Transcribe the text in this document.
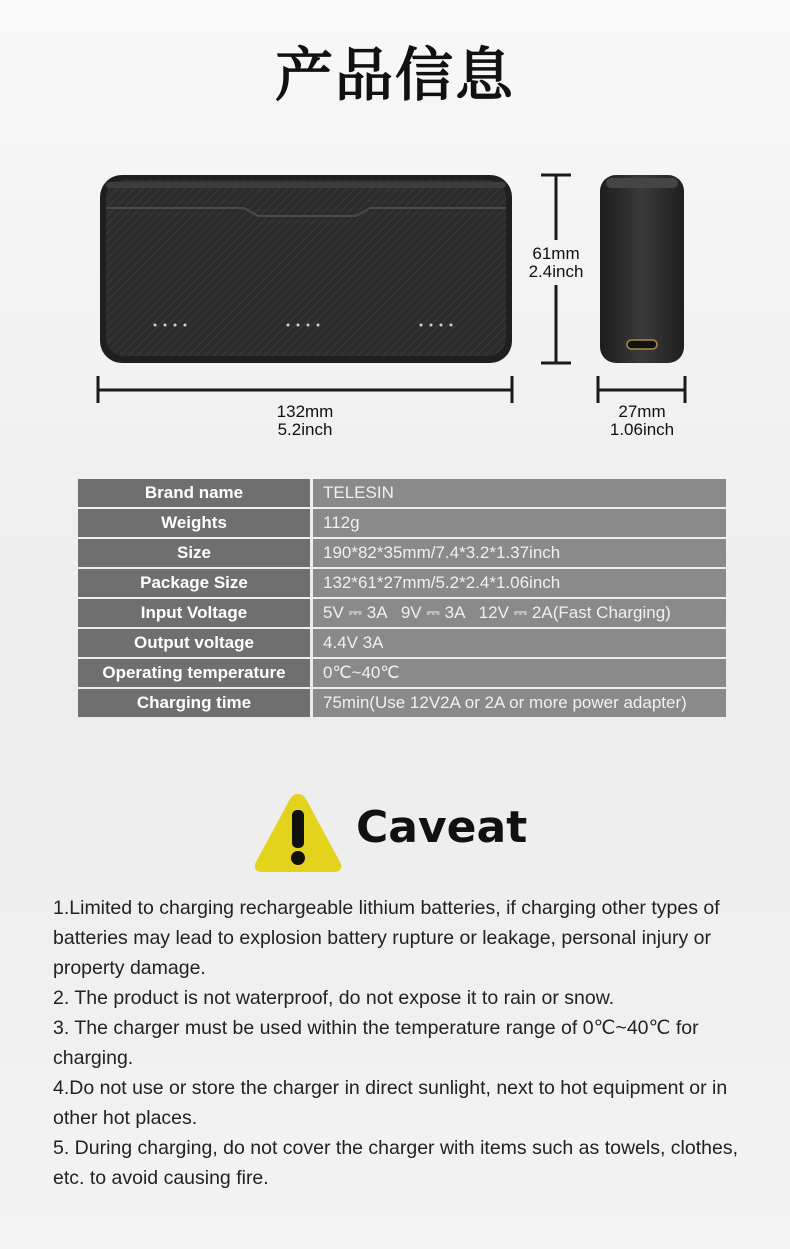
产品信息
61mm
2.4inch
132mm
5.2inch
27mm
1.06inch
Brand name	TELESIN
Weights	112g
Size	190*82*35mm/7.4*3.2*1.37inch
Package Size	132*61*27mm/5.2*2.4*1.06inch
Input Voltage	5V ⎓ 3A   9V ⎓ 3A   12V ⎓ 2A(Fast Charging)
Output voltage	4.4V 3A
Operating temperature	0℃~40℃
Charging time	75min(Use 12V2A or 2A or more power adapter)
Caveat
1.Limited to charging rechargeable lithium batteries, if charging other types of batteries may lead to explosion battery rupture or leakage, personal injury or property damage.
2. The product is not waterproof, do not expose it to rain or snow.
3. The charger must be used within the temperature range of 0℃~40℃ for charging.
4.Do not use or store the charger in direct sunlight, next to hot equipment or in other hot places.
5. During charging, do not cover the charger with items such as towels, clothes, etc. to avoid causing fire.
